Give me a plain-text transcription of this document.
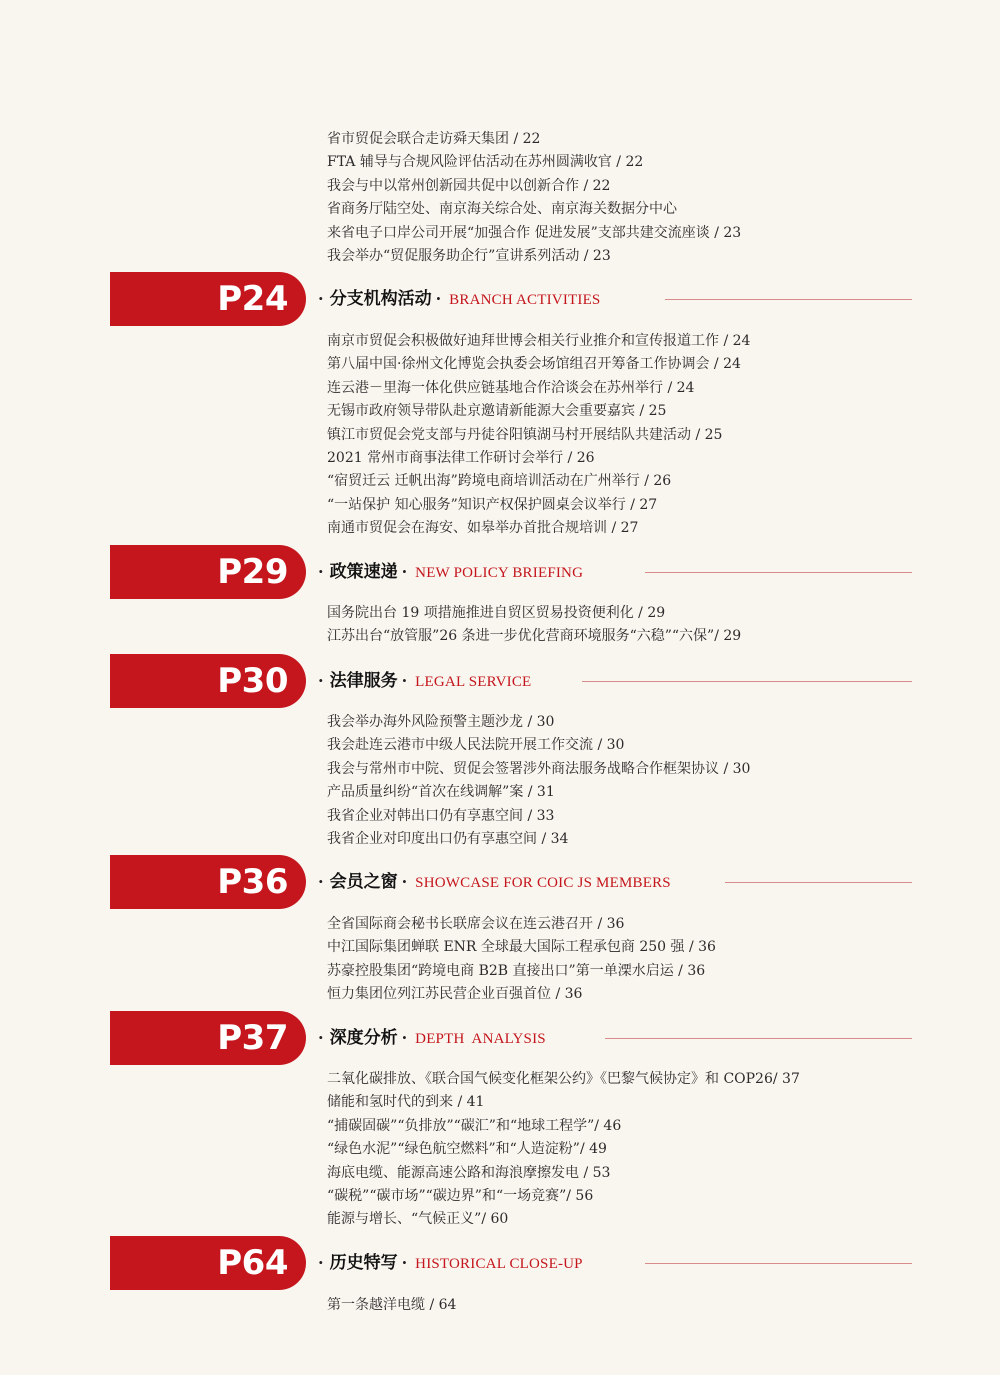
省市贸促会联合走访舜天集团 / 22
FTA 辅导与合规风险评估活动在苏州圆满收官 / 22
我会与中以常州创新园共促中以创新合作 / 22
省商务厅陆空处、南京海关综合处、南京海关数据分中心
来省电子口岸公司开展“加强合作 促进发展”支部共建交流座谈 / 23
我会举办“贸促服务助企行”宣讲系列活动 / 23
P24 · 分支机构活动 · BRANCH ACTIVITIES
南京市贸促会积极做好迪拜世博会相关行业推介和宣传报道工作 / 24
第八届中国·徐州文化博览会执委会场馆组召开筹备工作协调会 / 24
连云港－里海一体化供应链基地合作洽谈会在苏州举行 / 24
无锡市政府领导带队赴京邀请新能源大会重要嘉宾 / 25
镇江市贸促会党支部与丹徒谷阳镇湖马村开展结队共建活动 / 25
2021 常州市商事法律工作研讨会举行 / 26
“宿贸迁云 迁帆出海”跨境电商培训活动在广州举行 / 26
“一站保护 知心服务”知识产权保护圆桌会议举行 / 27
南通市贸促会在海安、如皋举办首批合规培训 / 27
P29 · 政策速递 · NEW POLICY BRIEFING
国务院出台 19 项措施推进自贸区贸易投资便利化 / 29
江苏出台“放管服”26 条进一步优化营商环境服务“六稳”“六保”/ 29
P30 · 法律服务 · LEGAL SERVICE
我会举办海外风险预警主题沙龙 / 30
我会赴连云港市中级人民法院开展工作交流 / 30
我会与常州市中院、贸促会签署涉外商法服务战略合作框架协议 / 30
产品质量纠纷“首次在线调解”案 / 31
我省企业对韩出口仍有享惠空间 / 33
我省企业对印度出口仍有享惠空间 / 34
P36 · 会员之窗 · SHOWCASE FOR COIC JS MEMBERS
全省国际商会秘书长联席会议在连云港召开 / 36
中江国际集团蝉联 ENR 全球最大国际工程承包商 250 强 / 36
苏豪控股集团“跨境电商 B2B 直接出口”第一单溧水启运 / 36
恒力集团位列江苏民营企业百强首位 / 36
P37 · 深度分析 · DEPTH  ANALYSIS
二氧化碳排放、《联合国气候变化框架公约》《巴黎气候协定》和 COP26/ 37
储能和氢时代的到来 / 41
“捕碳固碳”“负排放”“碳汇”和“地球工程学”/ 46
“绿色水泥”“绿色航空燃料”和“人造淀粉”/ 49
海底电缆、能源高速公路和海浪摩擦发电 / 53
“碳税”“碳市场”“碳边界”和“一场竞赛”/ 56
能源与增长、“气候正义”/ 60
P64 · 历史特写 · HISTORICAL CLOSE-UP
第一条越洋电缆 / 64
